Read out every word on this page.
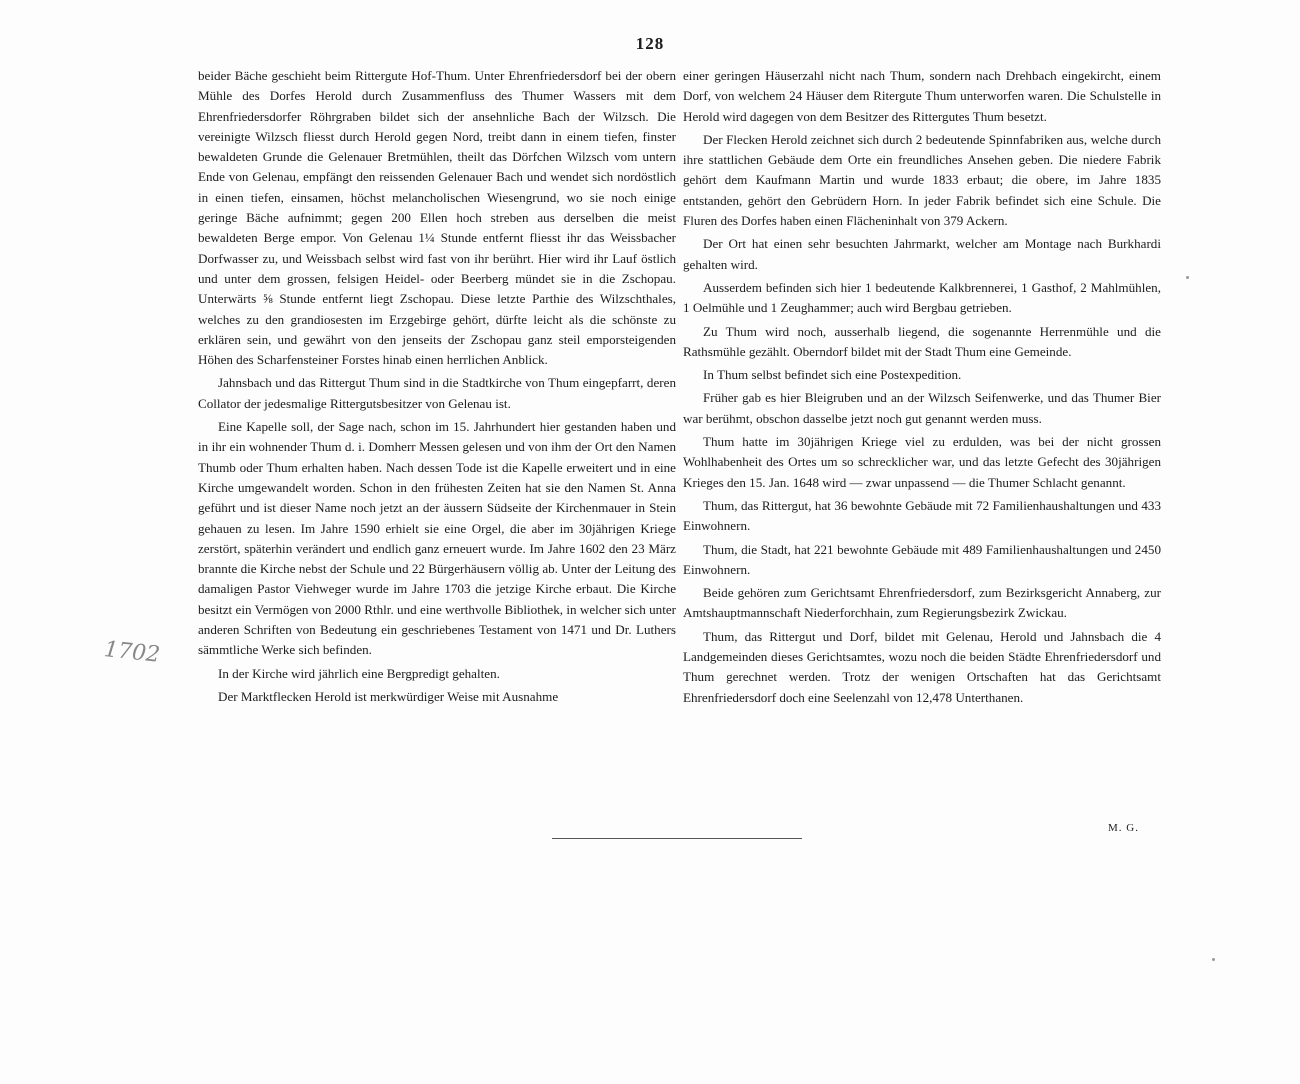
128
1702

beider Bäche geschieht beim Rittergute Hof-Thum. Unter Ehrenfriedersdorf bei der obern Mühle des Dorfes Herold durch Zusammenfluss des Thumer Wassers mit dem Ehrenfriedersdorfer Röhrgraben bildet sich der ansehnliche Bach der Wilzsch. Die vereinigte Wilzsch fliesst durch Herold gegen Nord, treibt dann in einem tiefen, finster bewaldeten Grunde die Gelenauer Bretmühlen, theilt das Dörfchen Wilzsch vom untern Ende von Gelenau, empfängt den reissenden Gelenauer Bach und wendet sich nordöstlich in einen tiefen, einsamen, höchst melancholischen Wiesengrund, wo sie noch einige geringe Bäche aufnimmt; gegen 200 Ellen hoch streben aus derselben die meist bewaldeten Berge empor. Von Gelenau 1¼ Stunde entfernt fliesst ihr das Weissbacher Dorfwasser zu, und Weissbach selbst wird fast von ihr berührt. Hier wird ihr Lauf östlich und unter dem grossen, felsigen Heidel- oder Beerberg mündet sie in die Zschopau. Unterwärts ⅝ Stunde entfernt liegt Zschopau. Diese letzte Parthie des Wilzschthales, welches zu den grandiosesten im Erzgebirge gehört, dürfte leicht als die schönste zu erklären sein, und gewährt von den jenseits der Zschopau ganz steil emporsteigenden Höhen des Scharfensteiner Forstes hinab einen herrlichen Anblick.

Jahnsbach und das Rittergut Thum sind in die Stadtkirche von Thum eingepfarrt, deren Collator der jedesmalige Rittergutsbesitzer von Gelenau ist.

Eine Kapelle soll, der Sage nach, schon im 15. Jahrhundert hier gestanden haben und in ihr ein wohnender Thum d. i. Domherr Messen gelesen und von ihm der Ort den Namen Thumb oder Thum erhalten haben. Nach dessen Tode ist die Kapelle erweitert und in eine Kirche umgewandelt worden. Schon in den frühesten Zeiten hat sie den Namen St. Anna geführt und ist dieser Name noch jetzt an der äussern Südseite der Kirchenmauer in Stein gehauen zu lesen. Im Jahre 1590 erhielt sie eine Orgel, die aber im 30jährigen Kriege zerstört, späterhin verändert und endlich ganz erneuert wurde. Im Jahre 1602 den 23 März brannte die Kirche nebst der Schule und 22 Bürgerhäusern völlig ab. Unter der Leitung des damaligen Pastor Viehweger wurde im Jahre 1703 die jetzige Kirche erbaut. Die Kirche besitzt ein Vermögen von 2000 Rthlr. und eine werthvolle Bibliothek, in welcher sich unter anderen Schriften von Bedeutung ein geschriebenes Testament von 1471 und Dr. Luthers sämmtliche Werke sich befinden.

In der Kirche wird jährlich eine Bergpredigt gehalten.

Der Marktflecken Herold ist merkwürdiger Weise mit Ausnahme

einer geringen Häuserzahl nicht nach Thum, sondern nach Drehbach eingekircht, einem Dorf, von welchem 24 Häuser dem Ritergute Thum unterworfen waren. Die Schulstelle in Herold wird dagegen von dem Besitzer des Rittergutes Thum besetzt.

Der Flecken Herold zeichnet sich durch 2 bedeutende Spinnfabriken aus, welche durch ihre stattlichen Gebäude dem Orte ein freundliches Ansehen geben. Die niedere Fabrik gehört dem Kaufmann Martin und wurde 1833 erbaut; die obere, im Jahre 1835 entstanden, gehört den Gebrüdern Horn. In jeder Fabrik befindet sich eine Schule. Die Fluren des Dorfes haben einen Flächeninhalt von 379 Ackern.

Der Ort hat einen sehr besuchten Jahrmarkt, welcher am Montage nach Burkhardi gehalten wird.

Ausserdem befinden sich hier 1 bedeutende Kalkbrennerei, 1 Gasthof, 2 Mahlmühlen, 1 Oelmühle und 1 Zeughammer; auch wird Bergbau getrieben.

Zu Thum wird noch, ausserhalb liegend, die sogenannte Herrenmühle und die Rathsmühle gezählt. Oberndorf bildet mit der Stadt Thum eine Gemeinde.

In Thum selbst befindet sich eine Postexpedition.

Früher gab es hier Bleigruben und an der Wilzsch Seifenwerke, und das Thumer Bier war berühmt, obschon dasselbe jetzt noch gut genannt werden muss.

Thum hatte im 30jährigen Kriege viel zu erdulden, was bei der nicht grossen Wohlhabenheit des Ortes um so schrecklicher war, und das letzte Gefecht des 30jährigen Krieges den 15. Jan. 1648 wird — zwar unpassend — die Thumer Schlacht genannt.

Thum, das Rittergut, hat 36 bewohnte Gebäude mit 72 Familienhaushaltungen und 433 Einwohnern.

Thum, die Stadt, hat 221 bewohnte Gebäude mit 489 Familienhaushaltungen und 2450 Einwohnern.

Beide gehören zum Gerichtsamt Ehrenfriedersdorf, zum Bezirksgericht Annaberg, zur Amtshauptmannschaft Niederforchhain, zum Regierungsbezirk Zwickau.

Thum, das Rittergut und Dorf, bildet mit Gelenau, Herold und Jahnsbach die 4 Landgemeinden dieses Gerichtsamtes, wozu noch die beiden Städte Ehrenfriedersdorf und Thum gerechnet werden. Trotz der wenigen Ortschaften hat das Gerichtsamt Ehrenfriedersdorf doch eine Seelenzahl von 12,478 Unterthanen.

M. G.
